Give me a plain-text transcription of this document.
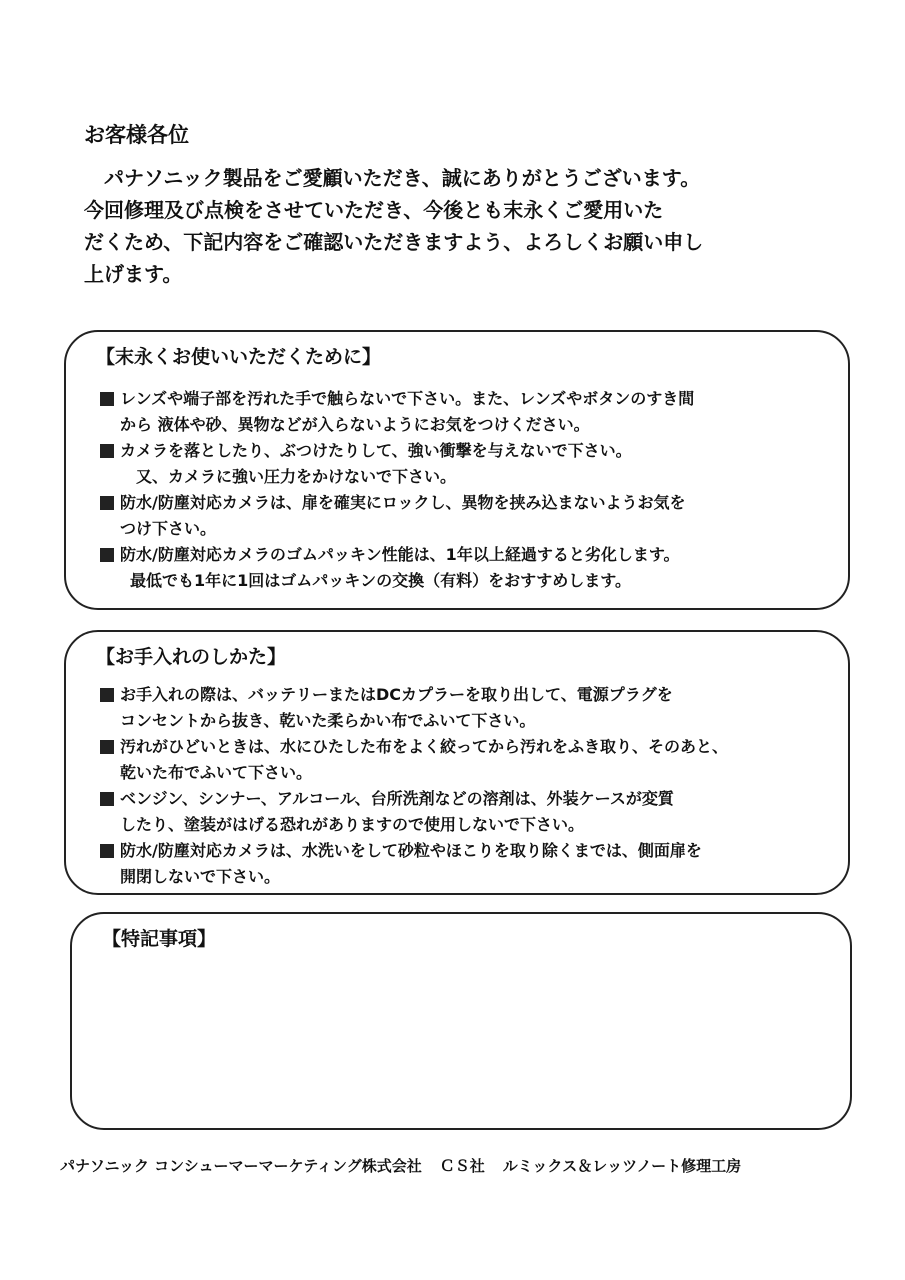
お客様各位

パナソニック製品をご愛顧いただき、誠にありがとうございます。

今回修理及び点検をさせていただき、今後とも末永くご愛用いた

だくため、下記内容をご確認いただきますよう、よろしくお願い申し

上げます。

【末永くお使いいただくために】

レンズや端子部を汚れた手で触らないで下さい。また、レンズやボタンのすき間
から 液体や砂、異物などが入らないようにお気をつけください。
カメラを落としたり、ぶつけたりして、強い衝撃を与えないで下さい。
　又、カメラに強い圧力をかけないで下さい。
防水/防塵対応カメラは、扉を確実にロックし、異物を挟み込まないようお気を
つけ下さい。
防水/防塵対応カメラのゴムパッキン性能は、1年以上経過すると劣化します。
最低でも1年に1回はゴムパッキンの交換（有料）をおすすめします。

【お手入れのしかた】

お手入れの際は、バッテリーまたはDCカプラーを取り出して、電源プラグを
コンセントから抜き、乾いた柔らかい布でふいて下さい。
汚れがひどいときは、水にひたした布をよく絞ってから汚れをふき取り、そのあと、
乾いた布でふいて下さい。
ベンジン、シンナー、アルコール、台所洗剤などの溶剤は、外装ケースが変質
したり、塗装がはげる恐れがありますので使用しないで下さい。
防水/防塵対応カメラは、水洗いをして砂粒やほこりを取り除くまでは、側面扉を
開閉しないで下さい。

【特記事項】

パナソニック コンシューマーマーケティング株式会社 ＣＳ社 ルミックス＆レッツノート修理工房
